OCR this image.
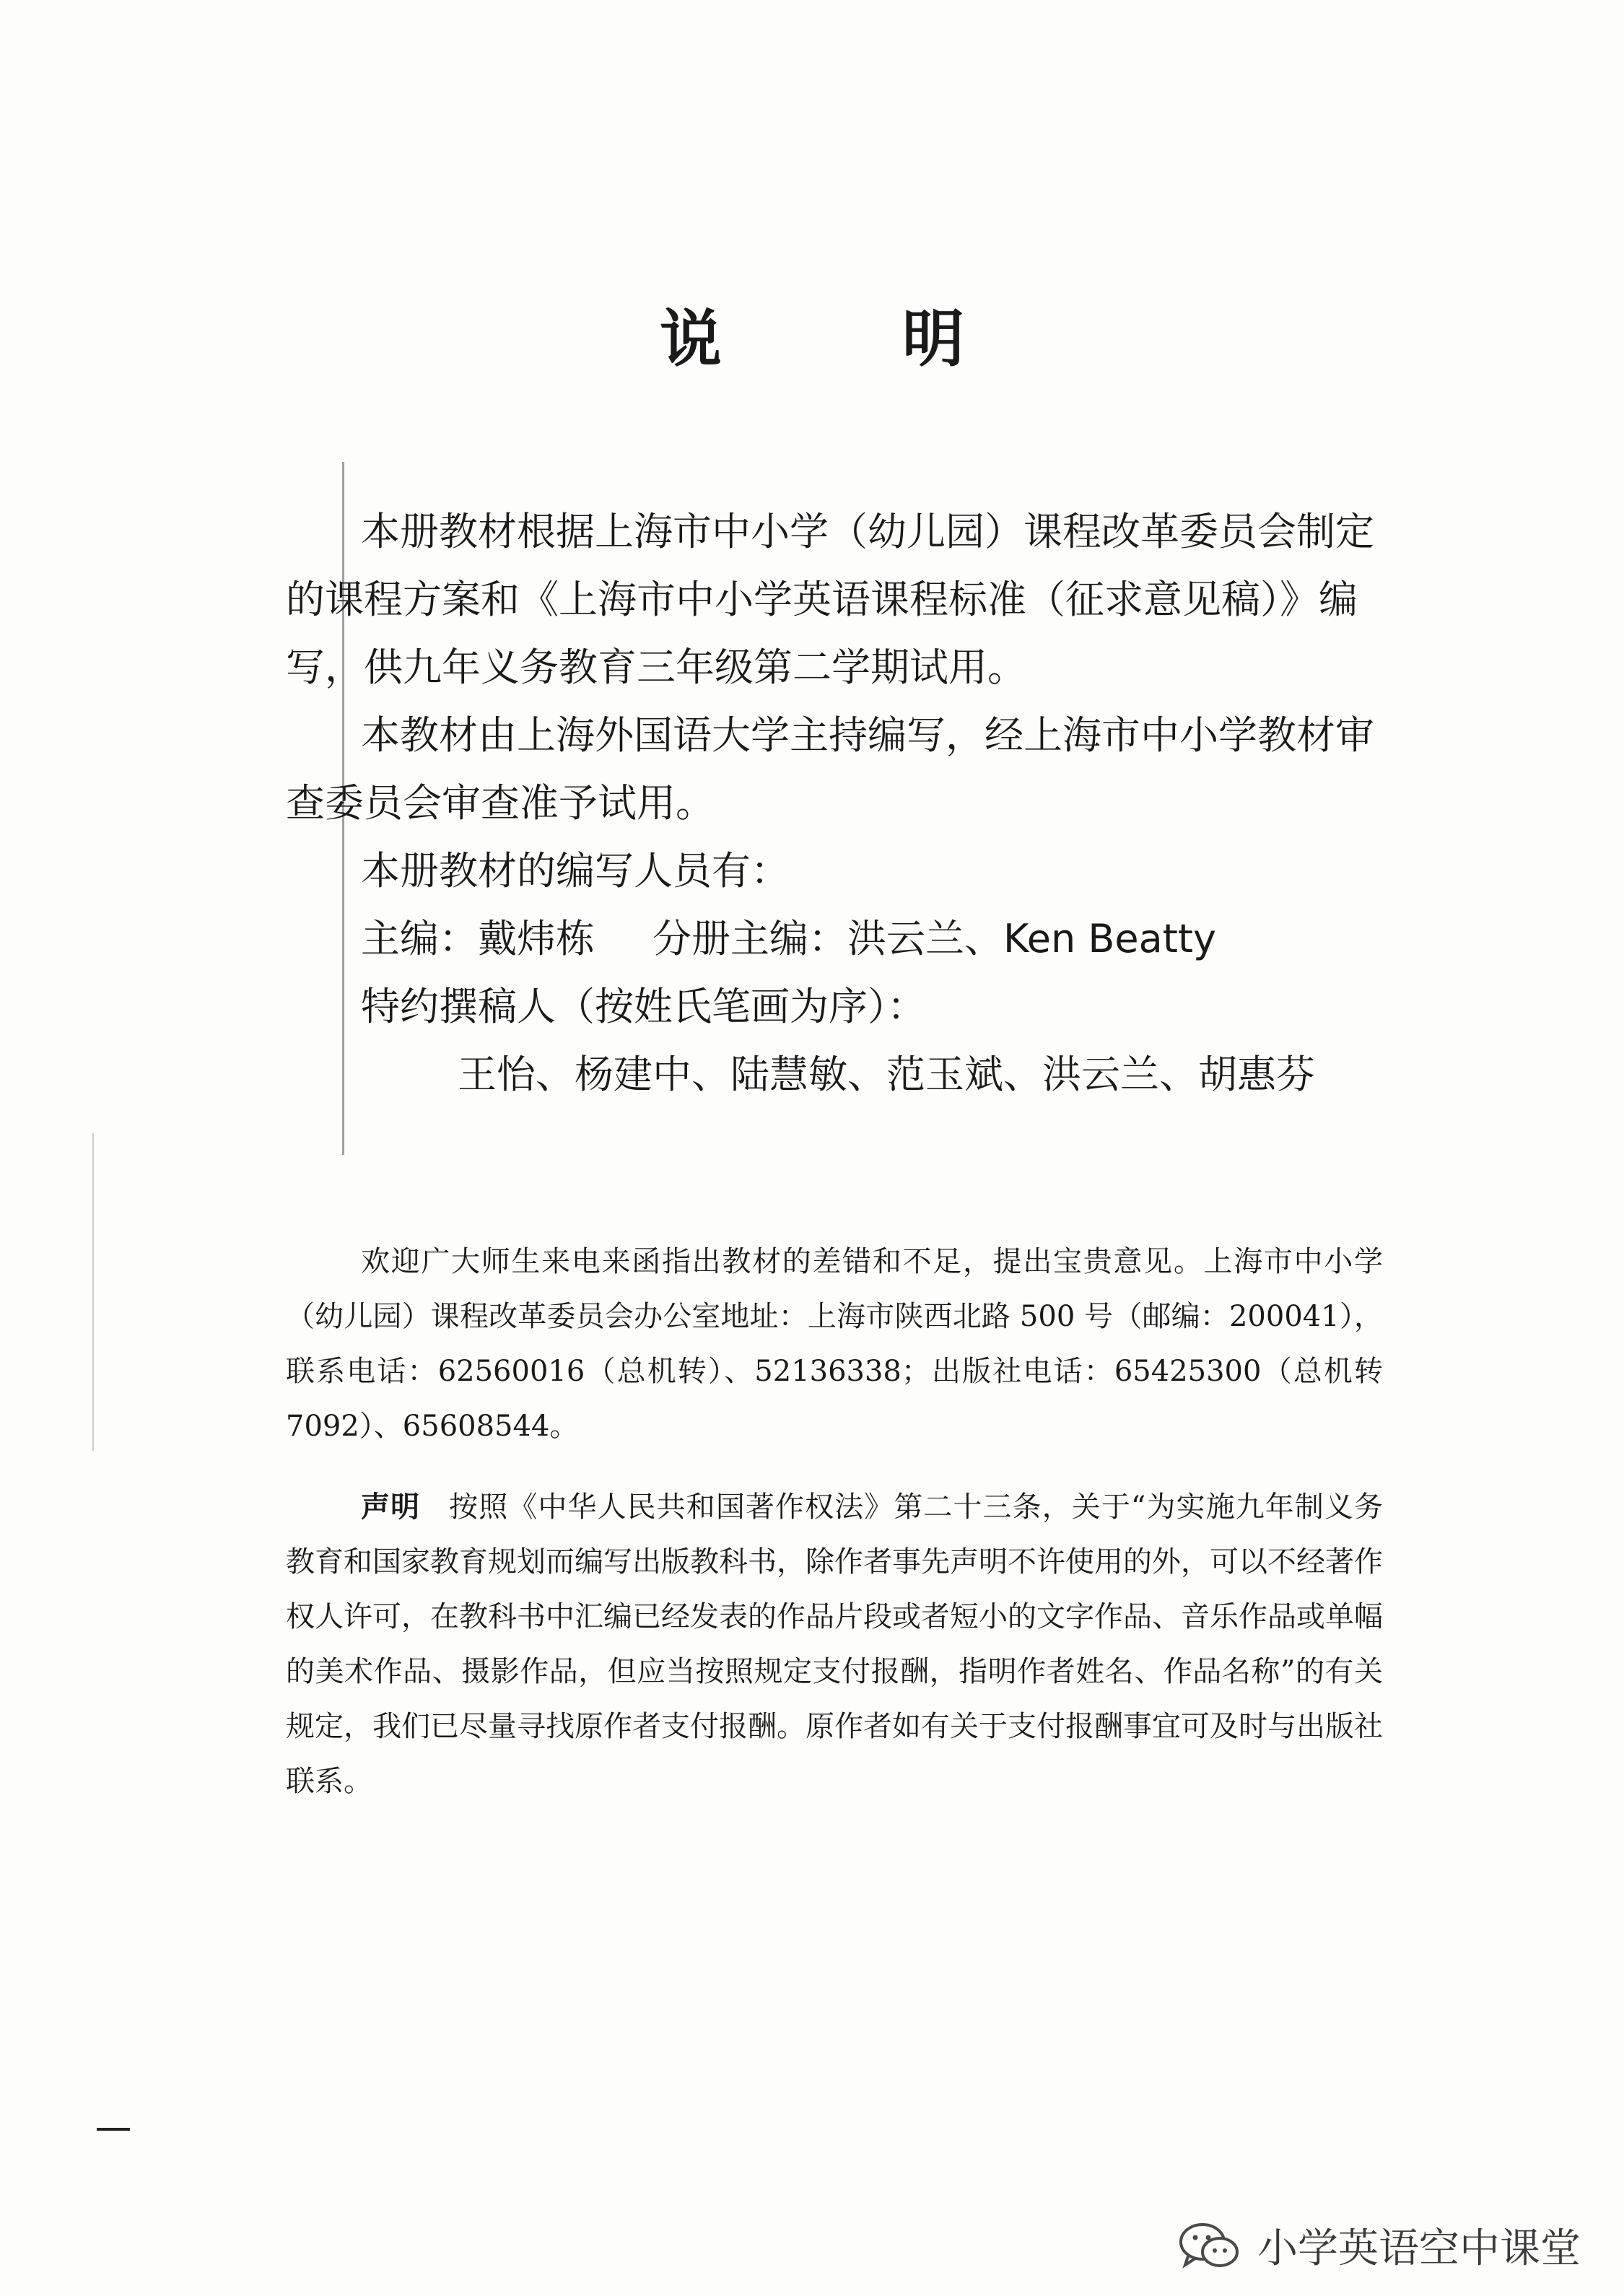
说 明

本册教材根据上海市中小学（幼儿园）课程改革委员会制定的课程方案和《上海市中小学英语课程标准（征求意见稿）》编写，供九年义务教育三年级第二学期试用。

本教材由上海外国语大学主持编写，经上海市中小学教材审查委员会审查准予试用。

本册教材的编写人员有：

主编：戴炜栋 分册主编：洪云兰、Ken Beatty

特约撰稿人（按姓氏笔画为序）：

王怡、杨建中、陆慧敏、范玉斌、洪云兰、胡惠芬

欢迎广大师生来电来函指出教材的差错和不足，提出宝贵意见。上海市中小学（幼儿园）课程改革委员会办公室地址：上海市陕西北路 500 号（邮编：200041），联系电话：62560016（总机转）、52136338；出版社电话：65425300（总机转 7092）、65608544。

声明 按照《中华人民共和国著作权法》第二十三条，关于“为实施九年制义务教育和国家教育规划而编写出版教科书，除作者事先声明不许使用的外，可以不经著作权人许可，在教科书中汇编已经发表的作品片段或者短小的文字作品、音乐作品或单幅的美术作品、摄影作品，但应当按照规定支付报酬，指明作者姓名、作品名称”的有关规定，我们已尽量寻找原作者支付报酬。原作者如有关于支付报酬事宜可及时与出版社联系。

小学英语空中课堂
